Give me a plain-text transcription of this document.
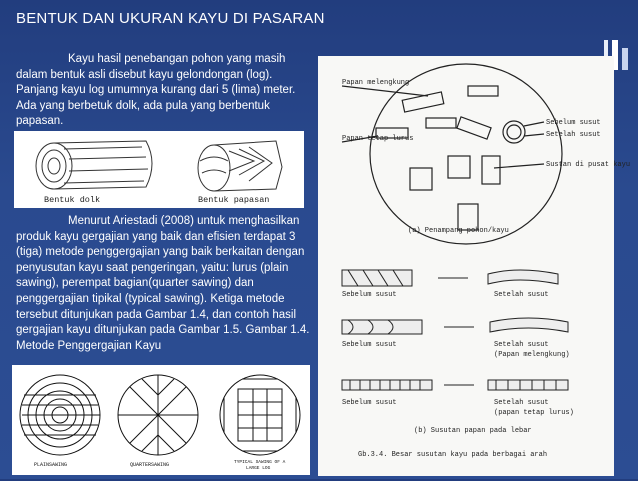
BENTUK DAN UKURAN KAYU DI PASARAN
Kayu hasil penebangan pohon yang masih dalam bentuk asli disebut kayu gelondongan (log). Panjang kayu log umumnya kurang dari 5 (lima) meter. Ada yang berbetuk dolk, ada pula yang berbentuk papasan.
Bentuk dolk	Bentuk papasan
Menurut Ariestadi (2008) untuk menghasilkan produk kayu gergajian yang baik dan efisien terdapat 3 (tiga) metode penggergajian yang baik berkaitan dengan penyusutan kayu saat pengeringan, yaitu: lurus (plain sawing), perempat bagian(quarter sawing) dan penggergajian tipikal (typical sawing). Ketiga metode tersebut ditunjukan pada Gambar 1.4, dan contoh hasil gergajian kayu ditunjukan pada Gambar 1.5. Gambar 1.4. Metode Penggergajian Kayu
Papan melengkung
Papan tetap lurus
Sebelum susut
Setelah susut
Sustan di pusat kayu
(a) Penampang pohon/kayu
Sebelum susut	Setelah susut
Sebelum susut	Setelah susut
(Papan melengkung)
Sebelum susut	Setelah susut
(papan tetap lurus)
(b) Susutan papan pada lebar
Gb.3.4. Besar susutan kayu pada berbagai arah
PLAINSAWING	QUARTERSAWING	TYPICAL SAWING OF A
LARGE LOG
